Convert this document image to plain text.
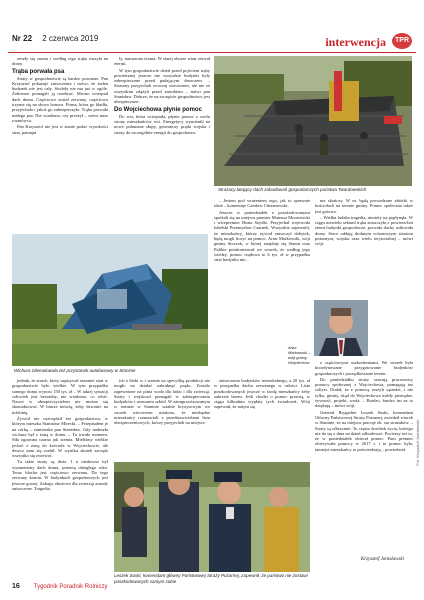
Nr 22 2 czerwca 2019	interwencja	TPR

zeszły się razem i według tego trąba ruszyła na domy.

Trąba porwała psa

Straty w gospodarstwie są bardzo poważne. Pan Krzysztof pokazuje zniszczenia i mówi, że żaden budynek nie jest cały. Stodoły nie ma już w ogóle. Żołnierze pomagali ją rozebrać. Mocno ucierpiał dach domu. Częściowo został zerwany, częściowo trzyma się na słowo honoru. Firma, która go kładła, przyjechała i jakoś go zabezpieczyła. Trąba porwała małego psa. Nie wiadomo, czy przeżył – mówi nasz rozmówca.

Pan Krzysztof nie jest w stanie podać wysokości strat, pamięta

ly, naruszona ściana. W starej oborze wiatr zerwał eternit.

W tym gospodarstwie dzień przed pojściem trąby powietrznej jeszcze nie wszystkie budynki były zabezpieczone przed padającym deszczem. – Straszny przyjechali wczoraj wieczorem, ale nie ze wszystkim zdążyli przed zmrokiem – mówi pan Stanisław. Dobrze, że na szczęście gospodarstwo jest ubezpieczone.

Do Wojciechowa płynie pomoc

Do wsi, która ucierpiała, płynie pomoc z wielu strony mieszkańców wsi. Energetycy wymienili na nowe połamane słupy, generatory prądu wojska i straży do szczególnie energii do gospodarstw.

Strażacy łatający dach zabudowań gospodarczych państwa Twardowskich

– Jestem pod wrażeniem tego, jak to sprawnie idzie – komentuje Czesław Chrzanowski.

Jeszcze w poniedziałek z poszkodowanymi spotkali się na miejscu premier Mateusz Morawiecki i wicepremier Beata Szydło. Przyjechał wojewoda lubelski Przemysław Czarnek. Wszystkie zapewnili, że mieszkańcy, którzy żywioł zniszczył dobytek, będą mogli liczyć na pomoc. Artur Markowski, wójt gminy Stoczek, w której znajduje się Stanin oraz Palikie poinformował we wtorek, że według jego wiedzy, pomoc rządowa to 6 tys. zł w przypadku strat budynku nie...

nie skończy. W m. będą prowadzone zbiórki w kościołach na terenie gminy. Pomoc społeczna także jest gotowa.

– Wielka ludzka tragedia, niestety na popłynęła. W ciągu niewielu sekund trąba zniszczyła z powierzchni ziemi budynki gospodarcze, porwała dachy usiłowała domy. Serce oddają drobnym ochotniczym strażom pożarnym, wojsku oraz wielu terytorialnej – mówi wójt.

Wichura zdemolowała też przystanek autobusowy w Staninie
Artur Markowski – wójt gminy Wojciechów

jednak, że strach, który zapisywał szaranie strat w gospodarstwie było wielkie. W tym przypadku samego domu wynosi 150 tys. zł – W takiej sytuacji człowiek jest bezradny, nie wiadomo, co robić. Nawet w ubezpieczycielem nie można się skontaktować. W biurze mówią, żeby dzwonić na infolinię.

Żywioł nie oszczędził też gospodarstwa, w którym mieszka Stanisław Mirecki. – Przepisałem je na córkę – zamieszka pan Stanisław. Gdy nadeszła wichura był z żoną w domu. – To trwało moment. Siła ogromna czarna jak ziemia. Mieliśmy wielkie jechać z żoną do kościoła w Wojciechowie, ale deszcz nam się rozbił. W wyniku skutek zacząło wszystko się zwiewać.

Tu takie straty są duże. I u niedawno był wymieniony dach domu, jesienią ubiegłego roku. Teraz blacha jest częściowo zerwana. Do tego zerwany komin. W budynkach gospodarczych jest jeszcze gorzej. Zakupy zbożowe dla zwierząt zostały zniszczone. Tragedia.

ich z łóżki w i ważnie na specyfikę produkcji nie mogło na działać zabraknąć prądu. Zostało zapewnione na pitna woda dla ludzi i dla zwierząt. Straty i wojskowi pomagali w zabezpieczaniu budynków i usuwaniu szkód. W zaimprowizowanym w remizie w Staninie sztabie kryzysowym we wtorek wieczorem ustalono, że niezbędne mieszkańcy rozmawiali z przedstawicielami firm ubezpieczeniowych, którzy przyjechali na miejsce.

zniszczenia budynków mieszkalnego, a 20 tys. zł w przypadku dachu zerwanego w całości. Lista poszkodowanych jeszcze w środę mieszkańcy żeby zakresie lasem. Jeśli chodzi o pomoc prawną, w ciągu kilkudniu wypłaty tych świadczeń. Wójt zapewnił, że natym się

z częściowymi uszkodzeniami. We wtorek była koordynowane przygotowanie budynków gospodarczych i porządkowanie terenu.

Do poniedziałku straży szacują pracownicy pomocy społecznej z Wojciechowa, pomagają też soltysi. Dodał, że z pomocą ruszyli sąsiedzi, i nie tylko, gminy, skąd do Wojciechowa trafiły pieniądze, żywność, projekt, woda. – Bardzo, bardzo im za to dziękuję – mówi wójt.

Generał Brygadier Leszek Suski, komendant Główny Państwowej Straży Pożarnej, zwiedził wtorek w Staninie, że na miejscu pracuje ok. stu strażaków. – Straty są olbrzymie. To często dorobek życia, którego nie da się z dnia na dzień odbudować. Pocieszy też to, że w poniedziałek obiecał pomoc. Pani premier obiecywała pomocy w 2017 r. i to pomoc była, tamtejsi mieszkańcy to potwierdzają – powiedział.

Leszek Suski, komendant główny Państwowej Straży Pożarnej, zapewnił, że państwo nie zostawi poszkodowanych samym sobie
Fot. Krzysztof Janisławski
Krzysztof Janisławski
16 Tygodnik Poradnik Rolniczy
